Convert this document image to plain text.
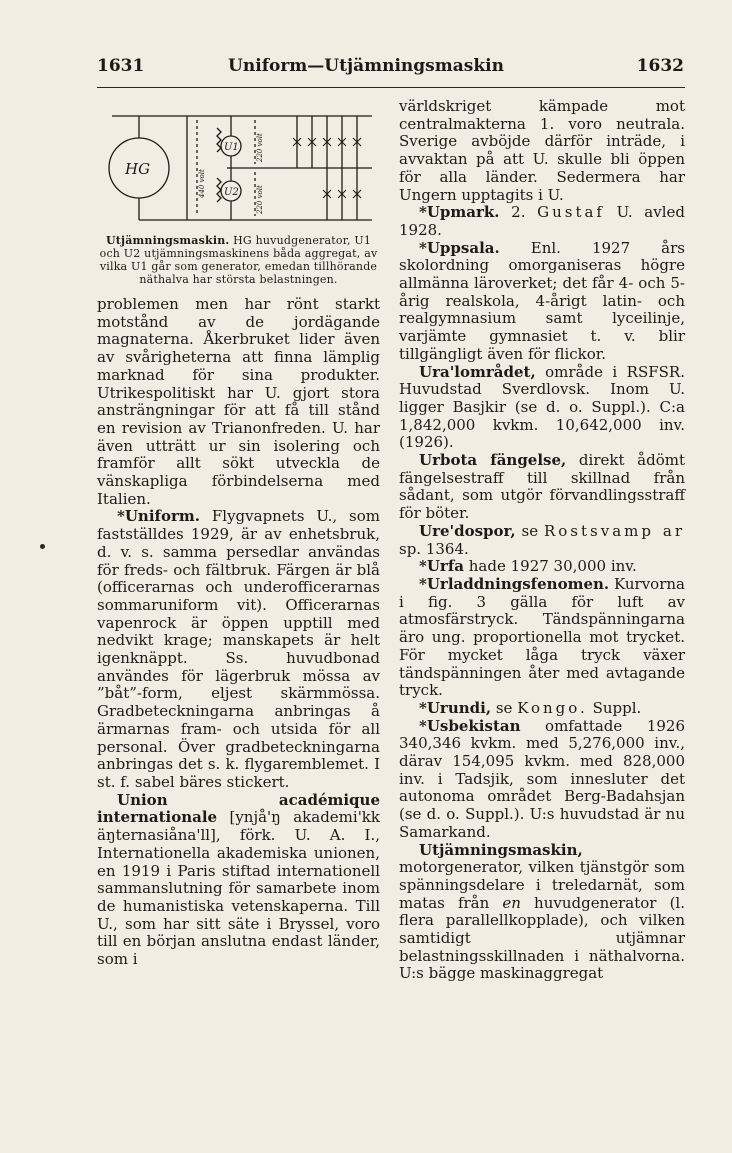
1631	Uniform—Utjämningsmaskin	1632
HG
U1
U2
440 volt
220 volt
220 volt
Utjämningsmaskin. HG huvudgenerator, U1 och U2 utjämningsmaskinens båda aggregat, av vilka U1 går som generator, emedan tillhörande näthalva har största belastningen.

problemen men har rönt starkt motstånd av de jordägande magnaterna. Åkerbruket lider även av svårigheterna att finna lämplig marknad för sina produkter. Utrikespolitiskt har U. gjort stora ansträngningar för att få till stånd en revision av Trianonfreden. U. har även utträtt ur sin isolering och framför allt sökt utveckla de vänskapliga förbindelserna med Italien.

*Uniform. Flygvapnets U., som fastställdes 1929, är av enhetsbruk, d. v. s. samma persedlar användas för freds- och fältbruk. Färgen är blå (officerarnas och underofficerarnas sommaruniform vit). Officerarnas vapenrock är öppen upptill med nedvikt krage; manskapets är helt igenknäppt. Ss. huvudbonad användes för lägerbruk mössa av ”båt”-form, eljest skärmmössa. Gradbeteckningarna anbringas å ärmarnas fram- och utsida för all personal. Över gradbeteckningarna anbringas det s. k. flygaremblemet. I st. f. sabel bäres stickert.

Union académique internationale [ynjå'ŋ akademi'kk äŋternasiåna'll], förk. U. A. I., Internationella akademiska unionen, en 1919 i Paris stiftad internationell sammanslutning för samarbete inom de humanistiska vetenskaperna. Till U., som har sitt säte i Bryssel, voro till en början anslutna endast länder, som i

världskriget kämpade mot centralmakterna 1. voro neutrala. Sverige avböjde därför inträde, i avvaktan på att U. skulle bli öppen för alla länder. Sedermera har Ungern upptagits i U.

*Upmark. 2. Gustaf U. avled 1928.

*Uppsala. Enl. 1927 års skolordning omorganiseras högre allmänna läroverket; det får 4- och 5-årig realskola, 4-årigt latin- och realgymnasium samt lyceilinje, varjämte gymnasiet t. v. blir tillgängligt även för flickor.

Ura'lområdet, område i RSFSR. Huvudstad Sverdlovsk. Inom U. ligger Basjkir (se d. o. Suppl.). C:a 1,842,000 kvkm. 10,642,000 inv. (1926).

Urbota fängelse, direkt ådömt fängelsestraff till skillnad från sådant, som utgör förvandlingsstraff för böter.

Ure'dospor, se Rostsvamp ar sp. 1364.

*Urfa hade 1927 30,000 inv.

*Urladdningsfenomen. Kurvorna i fig. 3 gälla för luft av atmosfärstryck. Tändspänningarna äro ung. proportionella mot trycket. För mycket låga tryck växer tändspänningen åter med avtagande tryck.

*Urundi, se Kongo. Suppl.

*Usbekistan omfattade 1926 340,346 kvkm. med 5,276,000 inv., därav 154,095 kvkm. med 828,000 inv. i Tadsjik, som innesluter det autonoma området Berg-Badahsjan (se d. o. Suppl.). U:s huvudstad är nu Samarkand.

Utjämningsmaskin, motorgenerator, vilken tjänstgör som spänningsdelare i treledarnät, som matas från en huvudgenerator (l. flera parallellkopplade), och vilken samtidigt utjämnar belastningsskillnaden i näthalvorna. U:s bägge maskinaggregat
